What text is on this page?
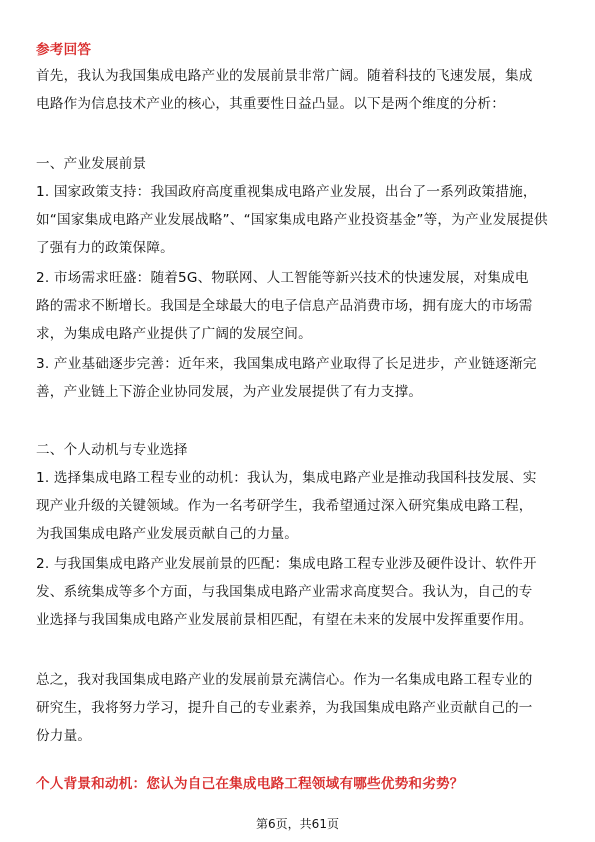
参考回答
首先，我认为我国集成电路产业的发展前景非常广阔。随着科技的飞速发展，集成
电路作为信息技术产业的核心，其重要性日益凸显。以下是两个维度的分析：
一、产业发展前景
1. 国家政策支持：我国政府高度重视集成电路产业发展，出台了一系列政策措施，
如“国家集成电路产业发展战略”、“国家集成电路产业投资基金”等，为产业发展提供
了强有力的政策保障。
2. 市场需求旺盛：随着5G、物联网、人工智能等新兴技术的快速发展，对集成电
路的需求不断增长。我国是全球最大的电子信息产品消费市场，拥有庞大的市场需
求，为集成电路产业提供了广阔的发展空间。
3. 产业基础逐步完善：近年来，我国集成电路产业取得了长足进步，产业链逐渐完
善，产业链上下游企业协同发展，为产业发展提供了有力支撑。
二、个人动机与专业选择
1. 选择集成电路工程专业的动机：我认为，集成电路产业是推动我国科技发展、实
现产业升级的关键领域。作为一名考研学生，我希望通过深入研究集成电路工程，
为我国集成电路产业发展贡献自己的力量。
2. 与我国集成电路产业发展前景的匹配：集成电路工程专业涉及硬件设计、软件开
发、系统集成等多个方面，与我国集成电路产业需求高度契合。我认为，自己的专
业选择与我国集成电路产业发展前景相匹配，有望在未来的发展中发挥重要作用。
总之，我对我国集成电路产业的发展前景充满信心。作为一名集成电路工程专业的
研究生，我将努力学习，提升自己的专业素养，为我国集成电路产业贡献自己的一
份力量。
个人背景和动机：您认为自己在集成电路工程领域有哪些优势和劣势？
第6页，共61页
